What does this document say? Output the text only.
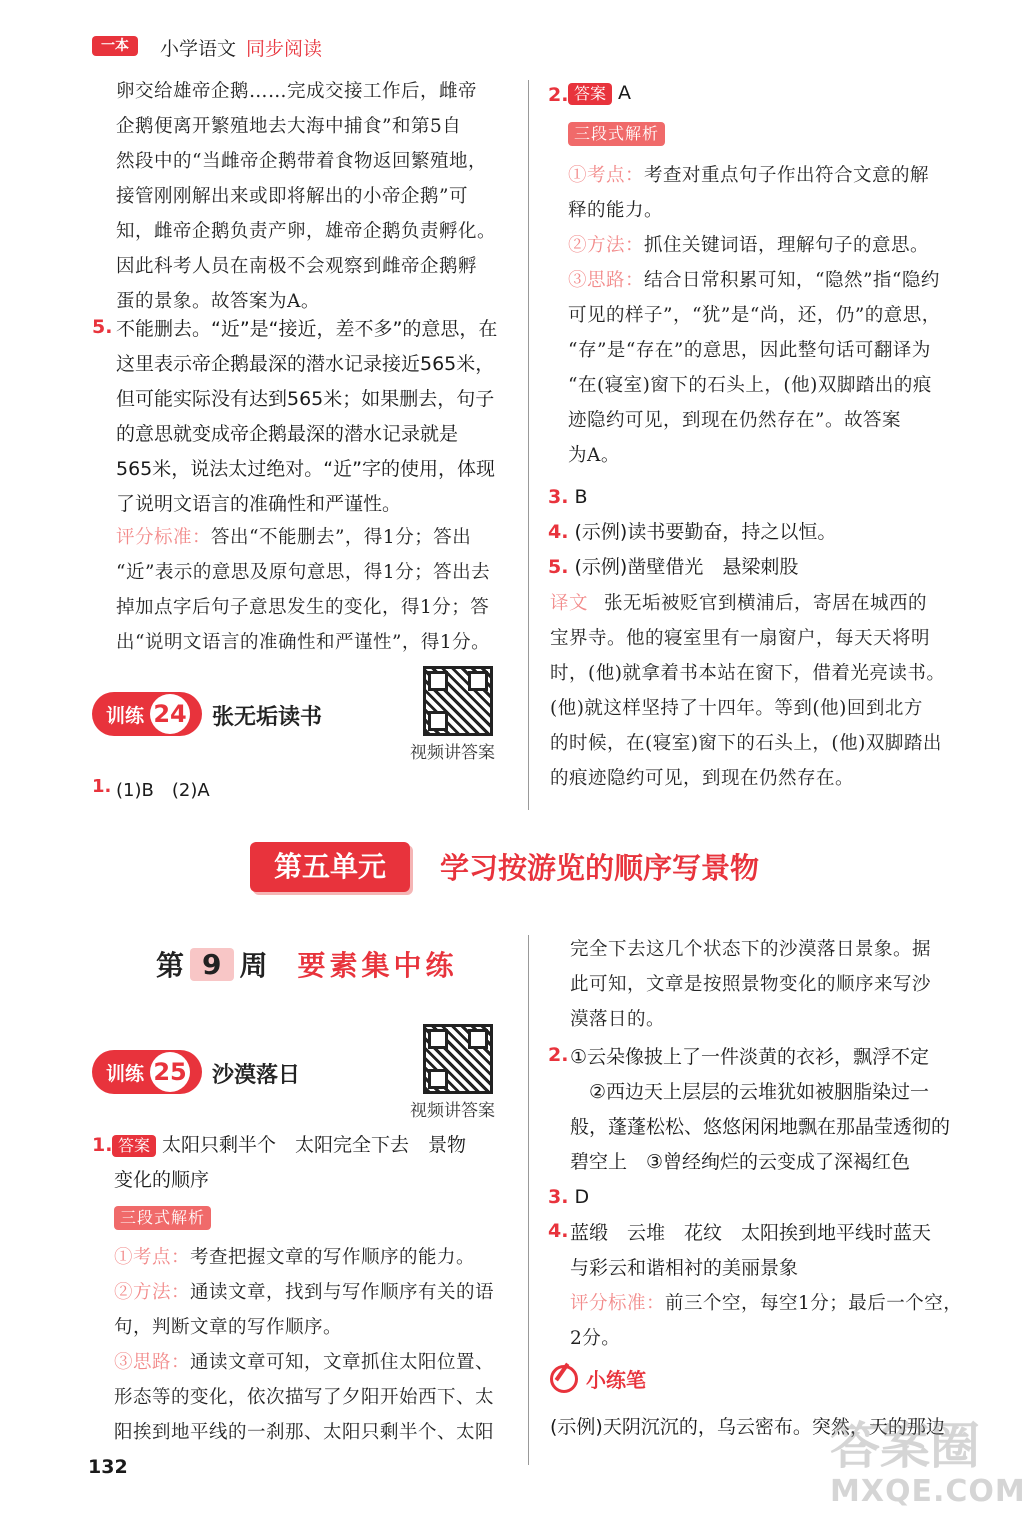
一本	小学语文 同步阅读
卵交给雄帝企鹅……完成交接工作后，雌帝
企鹅便离开繁殖地去大海中捕食”和第5自
然段中的“当雌帝企鹅带着食物返回繁殖地，
接管刚刚解出来或即将解出的小帝企鹅”可
知，雌帝企鹅负责产卵，雄帝企鹅负责孵化。
因此科考人员在南极不会观察到雌帝企鹅孵
蛋的景象。故答案为A。
5. 不能删去。“近”是“接近，差不多”的意思，在
这里表示帝企鹅最深的潜水记录接近565米，
但可能实际没有达到565米；如果删去，句子
的意思就变成帝企鹅最深的潜水记录就是
565米，说法太过绝对。“近”字的使用，体现
了说明文语言的准确性和严谨性。
评分标准：答出“不能删去”，得1分；答出
“近”表示的意思及原句意思，得1分；答出去
掉加点字后句子意思发生的变化，得1分；答
出“说明文语言的准确性和严谨性”，得1分。
训练 24 张无垢读书
视频讲答案
1. (1)B　(2)A
2. 答案 A
三段式解析
①考点：考查对重点句子作出符合文意的解
释的能力。
②方法：抓住关键词语，理解句子的意思。
③思路：结合日常积累可知，“隐然”指“隐约
可见的样子”，“犹”是“尚，还，仍”的意思，
“存”是“存在”的意思，因此整句话可翻译为
“在(寝室)窗下的石头上，(他)双脚踏出的痕
迹隐约可见，到现在仍然存在”。故答案
为A。
3. B
4. (示例)读书要勤奋，持之以恒。
5. (示例)凿壁借光　悬梁刺股
译文 张无垢被贬官到横浦后，寄居在城西的
宝界寺。他的寝室里有一扇窗户，每天天将明
时，(他)就拿着书本站在窗下，借着光亮读书。
(他)就这样坚持了十四年。等到(他)回到北方
的时候，在(寝室)窗下的石头上，(他)双脚踏出
的痕迹隐约可见，到现在仍然存在。
第五单元	学习按游览的顺序写景物
第 9 周 要素集中练
训练 25 沙漠落日
视频讲答案
1. 答案 太阳只剩半个　太阳完全下去　景物
变化的顺序
三段式解析
①考点：考查把握文章的写作顺序的能力。
②方法：通读文章，找到与写作顺序有关的语
句，判断文章的写作顺序。
③思路：通读文章可知，文章抓住太阳位置、
形态等的变化，依次描写了夕阳开始西下、太
阳挨到地平线的一刹那、太阳只剩半个、太阳
完全下去这几个状态下的沙漠落日景象。据
此可知，文章是按照景物变化的顺序来写沙
漠落日的。
2. ①云朵像披上了一件淡黄的衣衫，飘浮不定
　②西边天上层层的云堆犹如被胭脂染过一
般，蓬蓬松松、悠悠闲闲地飘在那晶莹透彻的
碧空上　③曾经绚烂的云变成了深褐红色
3. D
4. 蓝缎　云堆　花纹　太阳挨到地平线时蓝天
与彩云和谐相衬的美丽景象
评分标准：前三个空，每空1分；最后一个空，
2分。
小练笔
(示例)天阴沉沉的，乌云密布。突然，天的那边
132	答案圈
MXQE.COM
